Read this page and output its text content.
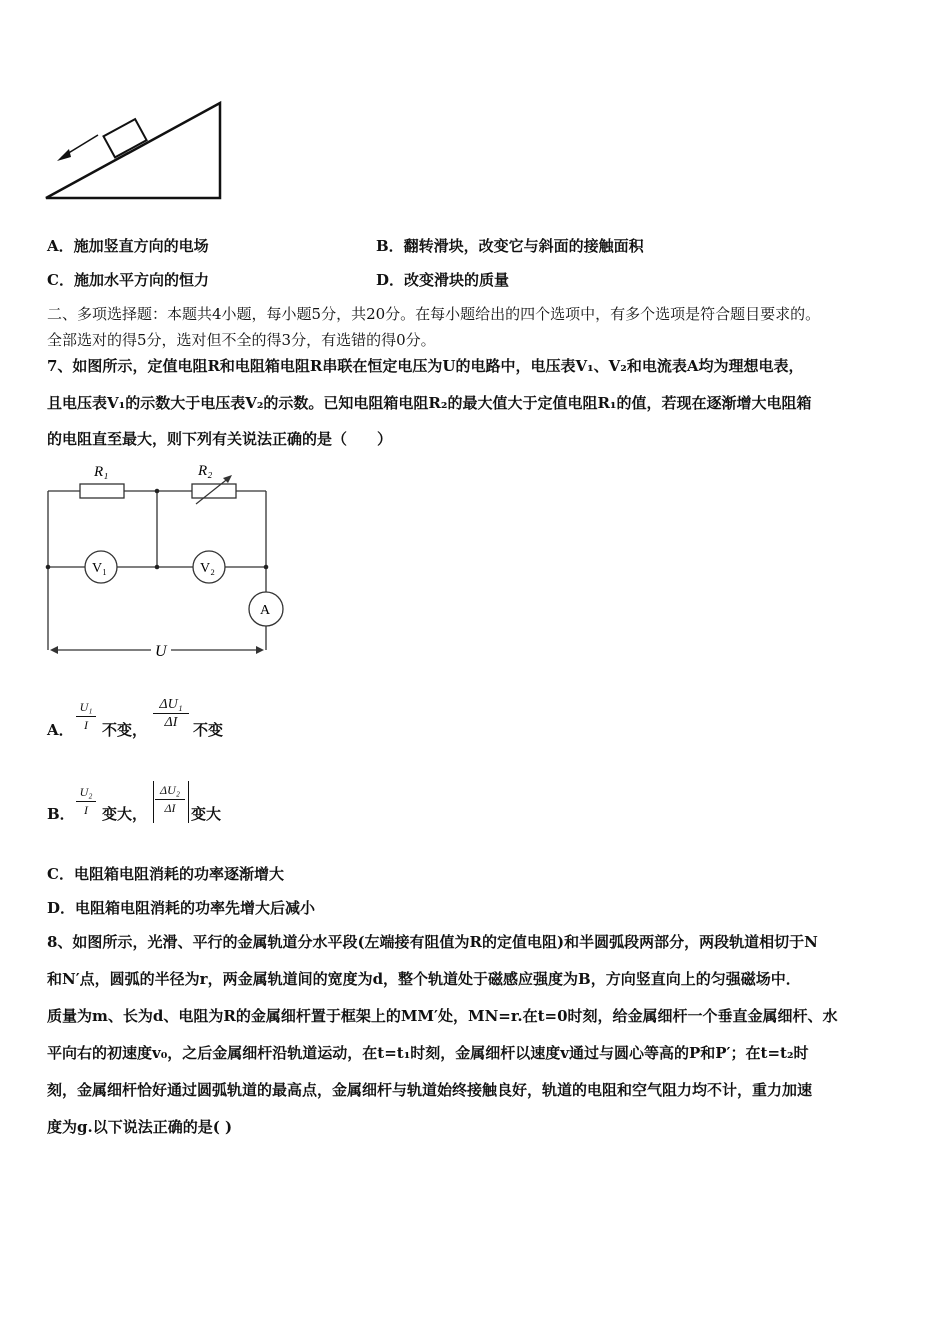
A．施加竖直方向的电场	B．翻转滑块，改变它与斜面的接触面积
C．施加水平方向的恒力	D．改变滑块的质量
二、多项选择题：本题共4小题，每小题5分，共20分。在每小题给出的四个选项中，有多个选项是符合题目要求的。
全部选对的得5分，选对但不全的得3分，有选错的得0分。
7、如图所示，定值电阻R和电阻箱电阻R串联在恒定电压为U的电路中，电压表V₁、V₂和电流表A均为理想电表，
且电压表V₁的示数大于电压表V₂的示数。已知电阻箱电阻R₂的最大值大于定值电阻R₁的值，若现在逐渐增大电阻箱
的电阻直至最大，则下列有关说法正确的是（　　）
R₁	R₂
V₁	V₂
A
U
A．
U₁
I 不变，
ΔU₁
ΔI	不变
B．
U₂
I 变大，
ΔU₂
ΔI	变大
C．电阻箱电阻消耗的功率逐渐增大
D．电阻箱电阻消耗的功率先增大后减小
8、如图所示，光滑、平行的金属轨道分水平段(左端接有阻值为R的定值电阻)和半圆弧段两部分，两段轨道相切于N
和N′点，圆弧的半径为r，两金属轨道间的宽度为d，整个轨道处于磁感应强度为B，方向竖直向上的匀强磁场中．
质量为m、长为d、电阻为R的金属细杆置于框架上的MM′处，MN=r.在t=0时刻，给金属细杆一个垂直金属细杆、水
平向右的初速度v₀，之后金属细杆沿轨道运动，在t=t₁时刻，金属细杆以速度v通过与圆心等高的P和P′；在t=t₂时
刻，金属细杆恰好通过圆弧轨道的最高点，金属细杆与轨道始终接触良好，轨道的电阻和空气阻力均不计，重力加速
度为g.以下说法正确的是( )
